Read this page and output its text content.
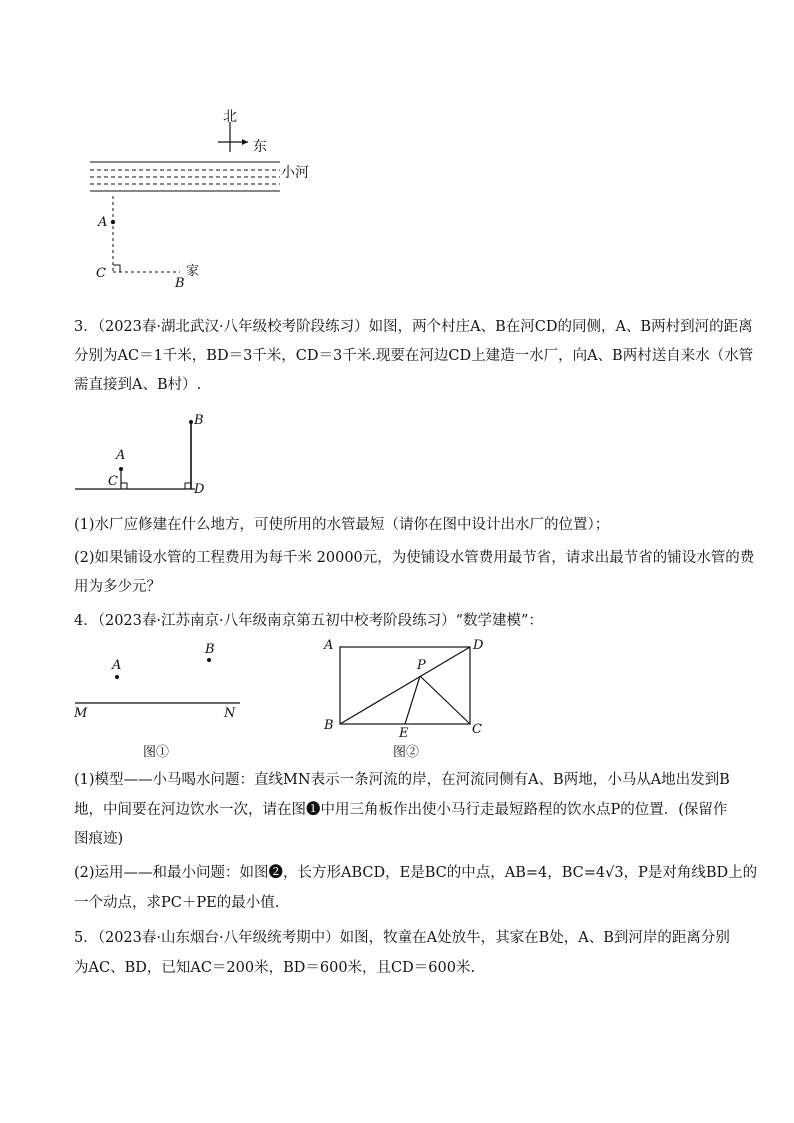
北
东
小河
A
C
B
家
3．（2023春·湖北武汉·八年级校考阶段练习）如图，两个村庄A、B在河CD的同侧，A、B两村到河的距离
分别为AC＝1千米，BD＝3千米，CD＝3千米.现要在河边CD上建造一水厂，向A、B两村送自来水（水管
需直接到A、B村）.
A
C
B
D
(1)水厂应修建在什么地方，可使所用的水管最短（请你在图中设计出水厂的位置）；
(2)如果铺设水管的工程费用为每千米 20000元，为使铺设水管费用最节省，请求出最节省的铺设水管的费
用为多少元？
4．（2023春·江苏南京·八年级南京第五初中校考阶段练习）“数学建模”：
A
B
M	N
图①
A	D
B	C
P
E
图②
(1)模型——小马喝水问题：直线MN表示一条河流的岸，在河流同侧有A、B两地，小马从A地出发到B
地，中间要在河边饮水一次，请在图❶中用三角板作出使小马行走最短路程的饮水点P的位置．(保留作
图痕迹)
(2)运用——和最小问题：如图❷，长方形ABCD，E是BC的中点，AB=4，BC=4√3，P是对角线BD上的
一个动点，求PC＋PE的最小值.
5．（2023春·山东烟台·八年级统考期中）如图，牧童在A处放牛，其家在B处，A、B到河岸的距离分别
为AC、BD，已知AC＝200米，BD＝600米，且CD＝600米.
